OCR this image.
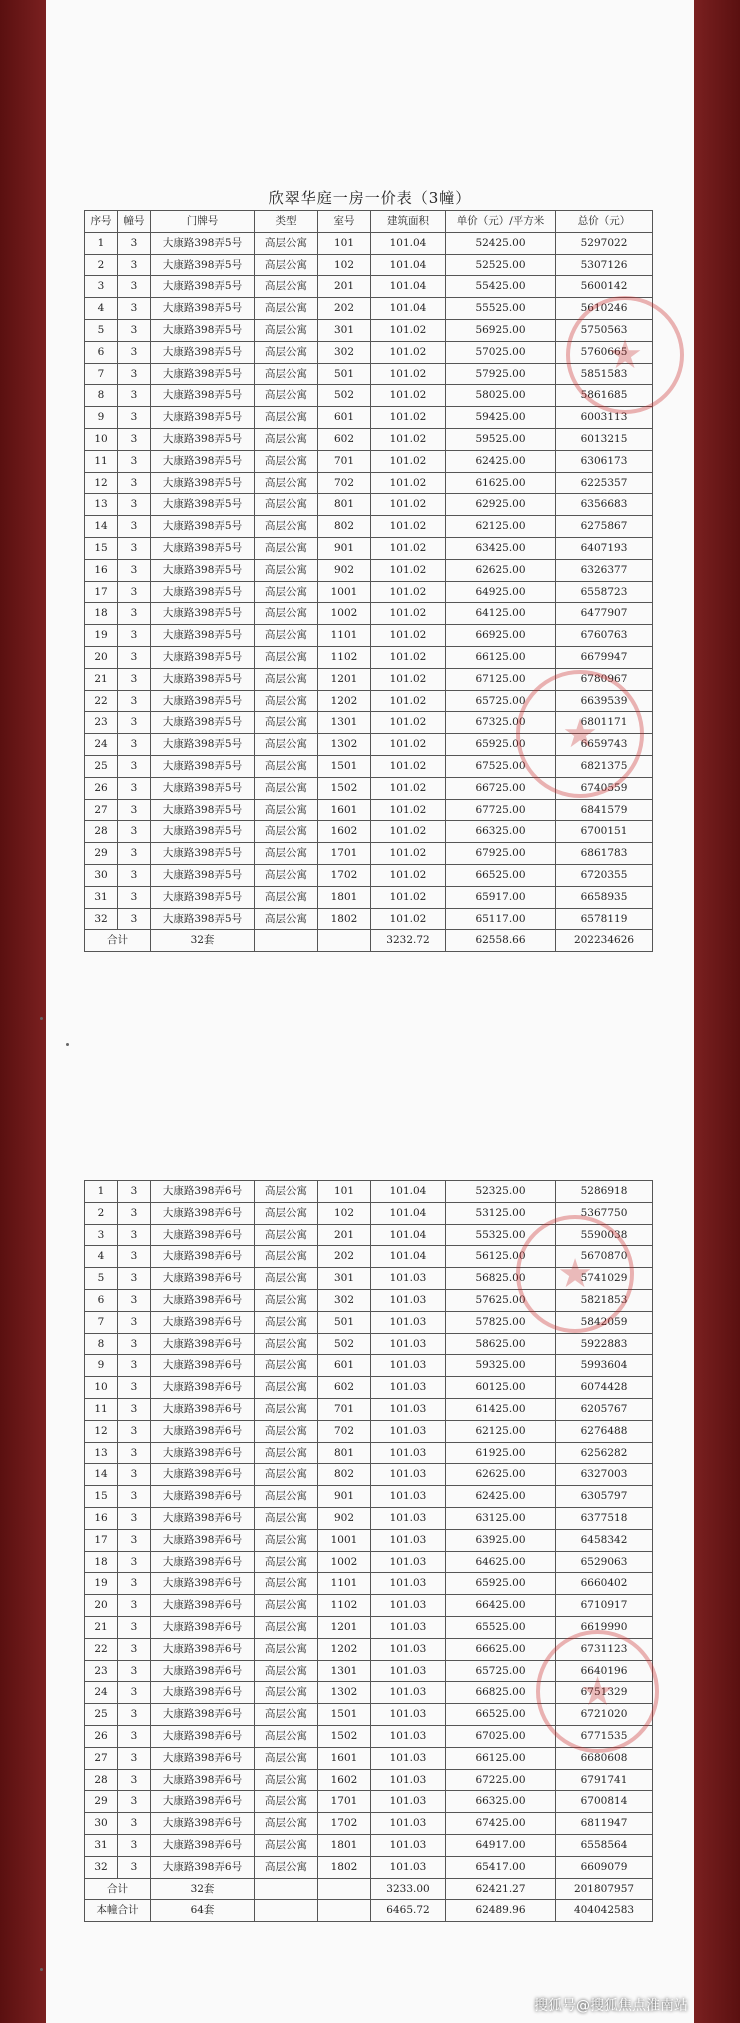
欣翠华庭一房一价表（3幢）
序号	幢号	门牌号	类型	室号	建筑面积	单价（元）/平方米	总价（元）
1	3	大康路398弄5号	高层公寓	101	101.04	52425.00	5297022
2	3	大康路398弄5号	高层公寓	102	101.04	52525.00	5307126
3	3	大康路398弄5号	高层公寓	201	101.04	55425.00	5600142
4	3	大康路398弄5号	高层公寓	202	101.04	55525.00	5610246
5	3	大康路398弄5号	高层公寓	301	101.02	56925.00	5750563
6	3	大康路398弄5号	高层公寓	302	101.02	57025.00	5760665
7	3	大康路398弄5号	高层公寓	501	101.02	57925.00	5851583
8	3	大康路398弄5号	高层公寓	502	101.02	58025.00	5861685
9	3	大康路398弄5号	高层公寓	601	101.02	59425.00	6003113
10	3	大康路398弄5号	高层公寓	602	101.02	59525.00	6013215
11	3	大康路398弄5号	高层公寓	701	101.02	62425.00	6306173
12	3	大康路398弄5号	高层公寓	702	101.02	61625.00	6225357
13	3	大康路398弄5号	高层公寓	801	101.02	62925.00	6356683
14	3	大康路398弄5号	高层公寓	802	101.02	62125.00	6275867
15	3	大康路398弄5号	高层公寓	901	101.02	63425.00	6407193
16	3	大康路398弄5号	高层公寓	902	101.02	62625.00	6326377
17	3	大康路398弄5号	高层公寓	1001	101.02	64925.00	6558723
18	3	大康路398弄5号	高层公寓	1002	101.02	64125.00	6477907
19	3	大康路398弄5号	高层公寓	1101	101.02	66925.00	6760763
20	3	大康路398弄5号	高层公寓	1102	101.02	66125.00	6679947
21	3	大康路398弄5号	高层公寓	1201	101.02	67125.00	6780967
22	3	大康路398弄5号	高层公寓	1202	101.02	65725.00	6639539
23	3	大康路398弄5号	高层公寓	1301	101.02	67325.00	6801171
24	3	大康路398弄5号	高层公寓	1302	101.02	65925.00	6659743
25	3	大康路398弄5号	高层公寓	1501	101.02	67525.00	6821375
26	3	大康路398弄5号	高层公寓	1502	101.02	66725.00	6740559
27	3	大康路398弄5号	高层公寓	1601	101.02	67725.00	6841579
28	3	大康路398弄5号	高层公寓	1602	101.02	66325.00	6700151
29	3	大康路398弄5号	高层公寓	1701	101.02	67925.00	6861783
30	3	大康路398弄5号	高层公寓	1702	101.02	66525.00	6720355
31	3	大康路398弄5号	高层公寓	1801	101.02	65917.00	6658935
32	3	大康路398弄5号	高层公寓	1802	101.02	65117.00	6578119
合计		32套			3232.72	62558.66	202234626
1	3	大康路398弄6号	高层公寓	101	101.04	52325.00	5286918
2	3	大康路398弄6号	高层公寓	102	101.04	53125.00	5367750
3	3	大康路398弄6号	高层公寓	201	101.04	55325.00	5590038
4	3	大康路398弄6号	高层公寓	202	101.04	56125.00	5670870
5	3	大康路398弄6号	高层公寓	301	101.03	56825.00	5741029
6	3	大康路398弄6号	高层公寓	302	101.03	57625.00	5821853
7	3	大康路398弄6号	高层公寓	501	101.03	57825.00	5842059
8	3	大康路398弄6号	高层公寓	502	101.03	58625.00	5922883
9	3	大康路398弄6号	高层公寓	601	101.03	59325.00	5993604
10	3	大康路398弄6号	高层公寓	602	101.03	60125.00	6074428
11	3	大康路398弄6号	高层公寓	701	101.03	61425.00	6205767
12	3	大康路398弄6号	高层公寓	702	101.03	62125.00	6276488
13	3	大康路398弄6号	高层公寓	801	101.03	61925.00	6256282
14	3	大康路398弄6号	高层公寓	802	101.03	62625.00	6327003
15	3	大康路398弄6号	高层公寓	901	101.03	62425.00	6305797
16	3	大康路398弄6号	高层公寓	902	101.03	63125.00	6377518
17	3	大康路398弄6号	高层公寓	1001	101.03	63925.00	6458342
18	3	大康路398弄6号	高层公寓	1002	101.03	64625.00	6529063
19	3	大康路398弄6号	高层公寓	1101	101.03	65925.00	6660402
20	3	大康路398弄6号	高层公寓	1102	101.03	66425.00	6710917
21	3	大康路398弄6号	高层公寓	1201	101.03	65525.00	6619990
22	3	大康路398弄6号	高层公寓	1202	101.03	66625.00	6731123
23	3	大康路398弄6号	高层公寓	1301	101.03	65725.00	6640196
24	3	大康路398弄6号	高层公寓	1302	101.03	66825.00	6751329
25	3	大康路398弄6号	高层公寓	1501	101.03	66525.00	6721020
26	3	大康路398弄6号	高层公寓	1502	101.03	67025.00	6771535
27	3	大康路398弄6号	高层公寓	1601	101.03	66125.00	6680608
28	3	大康路398弄6号	高层公寓	1602	101.03	67225.00	6791741
29	3	大康路398弄6号	高层公寓	1701	101.03	66325.00	6700814
30	3	大康路398弄6号	高层公寓	1702	101.03	67425.00	6811947
31	3	大康路398弄6号	高层公寓	1801	101.03	64917.00	6558564
32	3	大康路398弄6号	高层公寓	1802	101.03	65417.00	6609079
合计		32套			3233.00	62421.27	201807957
本幢合计		64套			6465.72	62489.96	404042583
★
★
★
★
搜狐号@搜狐焦点淮南站
